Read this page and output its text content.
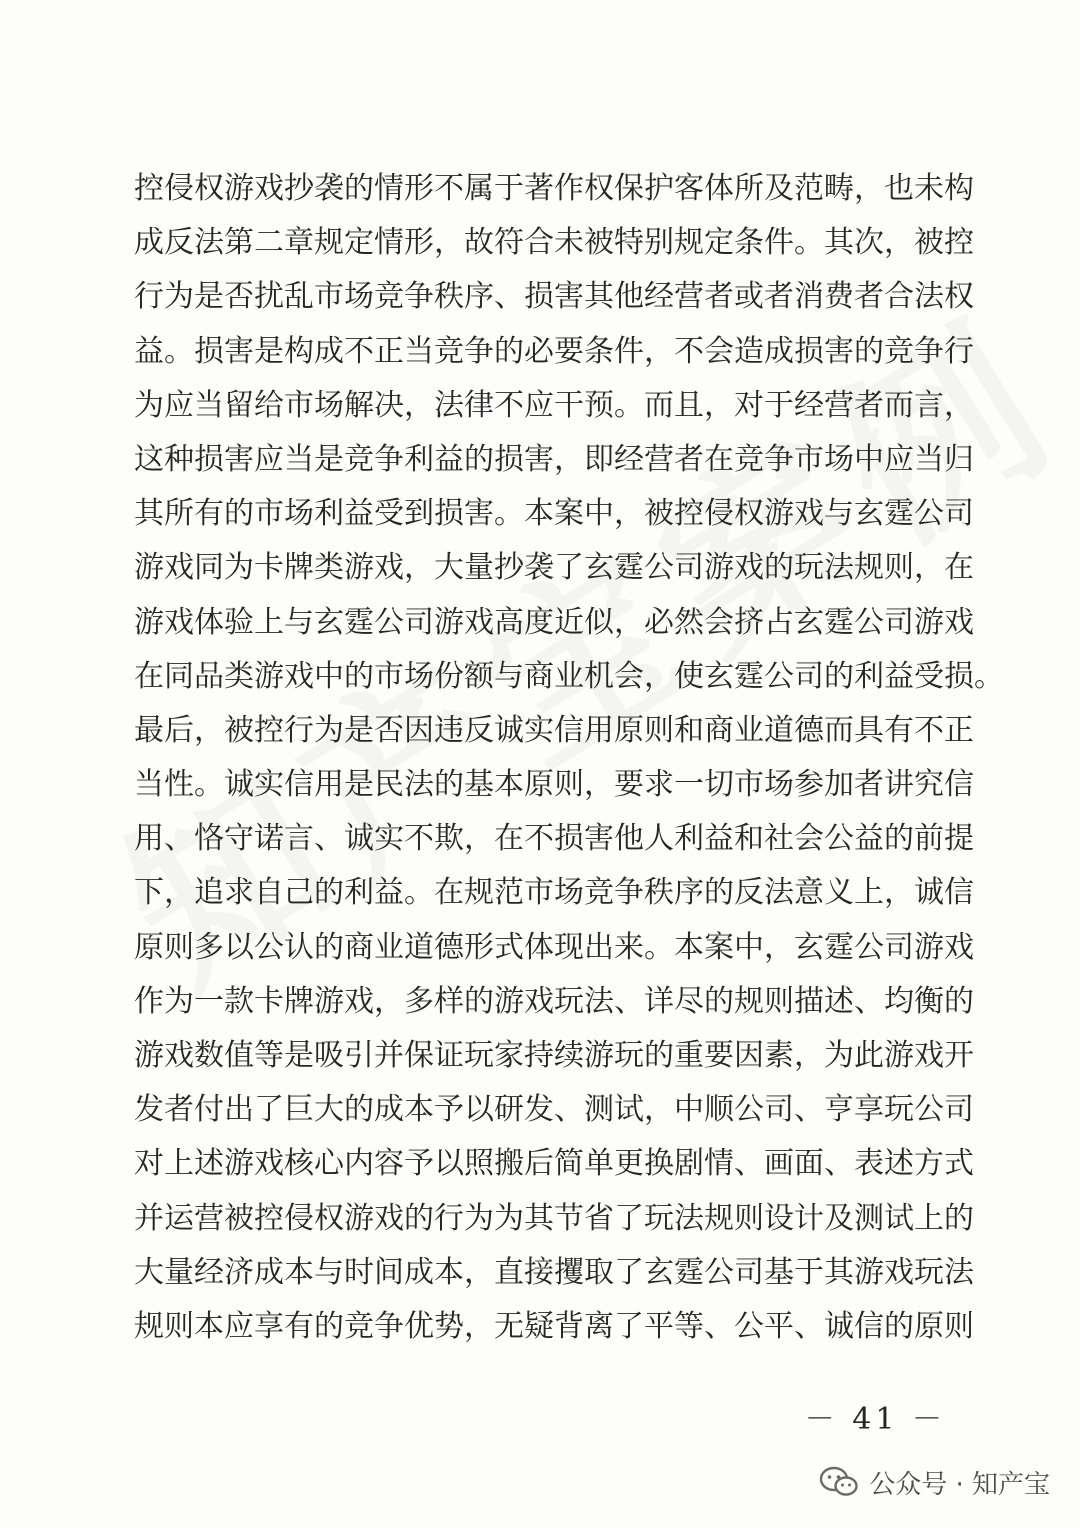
控侵权游戏抄袭的情形不属于著作权保护客体所及范畴，也未构
成反法第二章规定情形，故符合未被特别规定条件。其次，被控
行为是否扰乱市场竞争秩序、损害其他经营者或者消费者合法权
益。损害是构成不正当竞争的必要条件，不会造成损害的竞争行
为应当留给市场解决，法律不应干预。而且，对于经营者而言，
这种损害应当是竞争利益的损害，即经营者在竞争市场中应当归
其所有的市场利益受到损害。本案中，被控侵权游戏与玄霆公司
游戏同为卡牌类游戏，大量抄袭了玄霆公司游戏的玩法规则，在
游戏体验上与玄霆公司游戏高度近似，必然会挤占玄霆公司游戏
在同品类游戏中的市场份额与商业机会，使玄霆公司的利益受损。
最后，被控行为是否因违反诚实信用原则和商业道德而具有不正
当性。诚实信用是民法的基本原则，要求一切市场参加者讲究信
用、恪守诺言、诚实不欺，在不损害他人利益和社会公益的前提
下，追求自己的利益。在规范市场竞争秩序的反法意义上，诚信
原则多以公认的商业道德形式体现出来。本案中，玄霆公司游戏
作为一款卡牌游戏，多样的游戏玩法、详尽的规则描述、均衡的
游戏数值等是吸引并保证玩家持续游玩的重要因素，为此游戏开
发者付出了巨大的成本予以研发、测试，中顺公司、亨享玩公司
对上述游戏核心内容予以照搬后简单更换剧情、画面、表述方式
并运营被控侵权游戏的行为为其节省了玩法规则设计及测试上的
大量经济成本与时间成本，直接攫取了玄霆公司基于其游戏玩法
规则本应享有的竞争优势，无疑背离了平等、公平、诚信的原则
－ 41 －
公众号 · 知产宝
